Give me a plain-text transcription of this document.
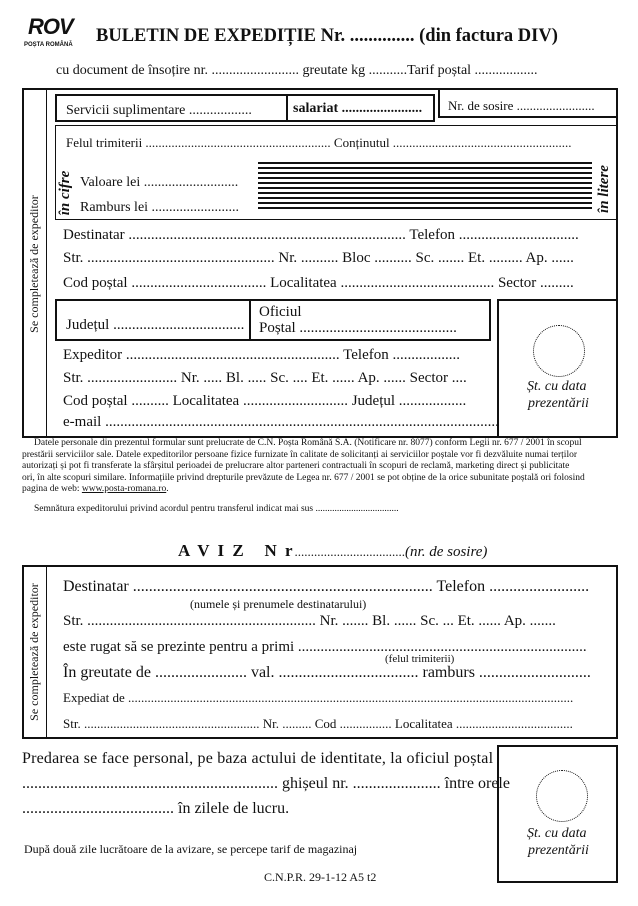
ROV
POȘTA ROMÂNĂ BULETIN DE EXPEDIȚIE Nr. .............. (din factura DIV)
cu document de însoțire nr. ......................... greutate kg ...........Tarif poștal ..................
Se completează de expeditor
Servicii suplimentare ..................	salariat ....................... Nr. de sosire ........................
Felul trimiterii ......................................................... Conținutul .......................................................
în cifre Valoare lei ...........................
Ramburs lei .........................	în litere
Destinatar .......................................................................... Telefon ................................
Str. .................................................. Nr. .......... Bloc .......... Sc. ....... Et. ......... Ap. ......
Cod poștal .................................... Localitatea ......................................... Sector .........
Județul ...................................
Oficiul
Poștal ..........................................
Șt. cu data
prezentării
Expeditor ......................................................... Telefon ..................
Str. ........................ Nr. ..... Bl. ..... Sc. .... Et. ...... Ap. ...... Sector ....
Cod poștal .......... Localitatea ............................ Județul ..................
e-mail .........................................................................................................
Datele personale din prezentul formular sunt prelucrate de C.N. Poșta Română S.A. (Notificare nr. 8077) conform Legii nr. 677 / 2001 în scopul
prestării serviciilor sale. Datele expeditorilor persoane fizice furnizate în calitate de solicitanți ai serviciilor poștale vor fi dezvăluite numai terților
autorizați și pot fi transferate la sfârșitul perioadei de prelucrare altor parteneri contractuali în scopuri de reclamă, marketing direct și publicitate
ori, în alte scopuri similare. Informațiile privind drepturile prevăzute de Legea nr. 677 / 2001 se pot obține de la orice subunitate poștală ori folosind
pagina de web: www.posta-romana.ro.
Semnătura expeditorului privind acordul pentru transferul indicat mai sus ...................................
A V I Z   N r..................................(nr. de sosire)
Se completează de expeditor Destinatar ........................................................................... Telefon .........................
(numele și prenumele destinatarului)
Str. ............................................................. Nr. ....... Bl. ...... Sc. ... Et. ...... Ap. .......
este rugat să se prezinte pentru a primi .............................................................................
(felul trimiterii)
În greutate de ....................... val. ................................... ramburs ............................
Expediat de .........................................................................................................................................
Str. ...................................................... Nr. ......... Cod ................ Localitatea ....................................
Predarea se face personal, pe baza actului de identitate, la oficiul poștal
................................................................ ghișeul nr. ...................... între orele
...................................... în zilele de lucru.
După două zile lucrătoare de la avizare, se percepe tarif de magazinaj
C.N.P.R. 29-1-12 A5 t2
Șt. cu data
prezentării
